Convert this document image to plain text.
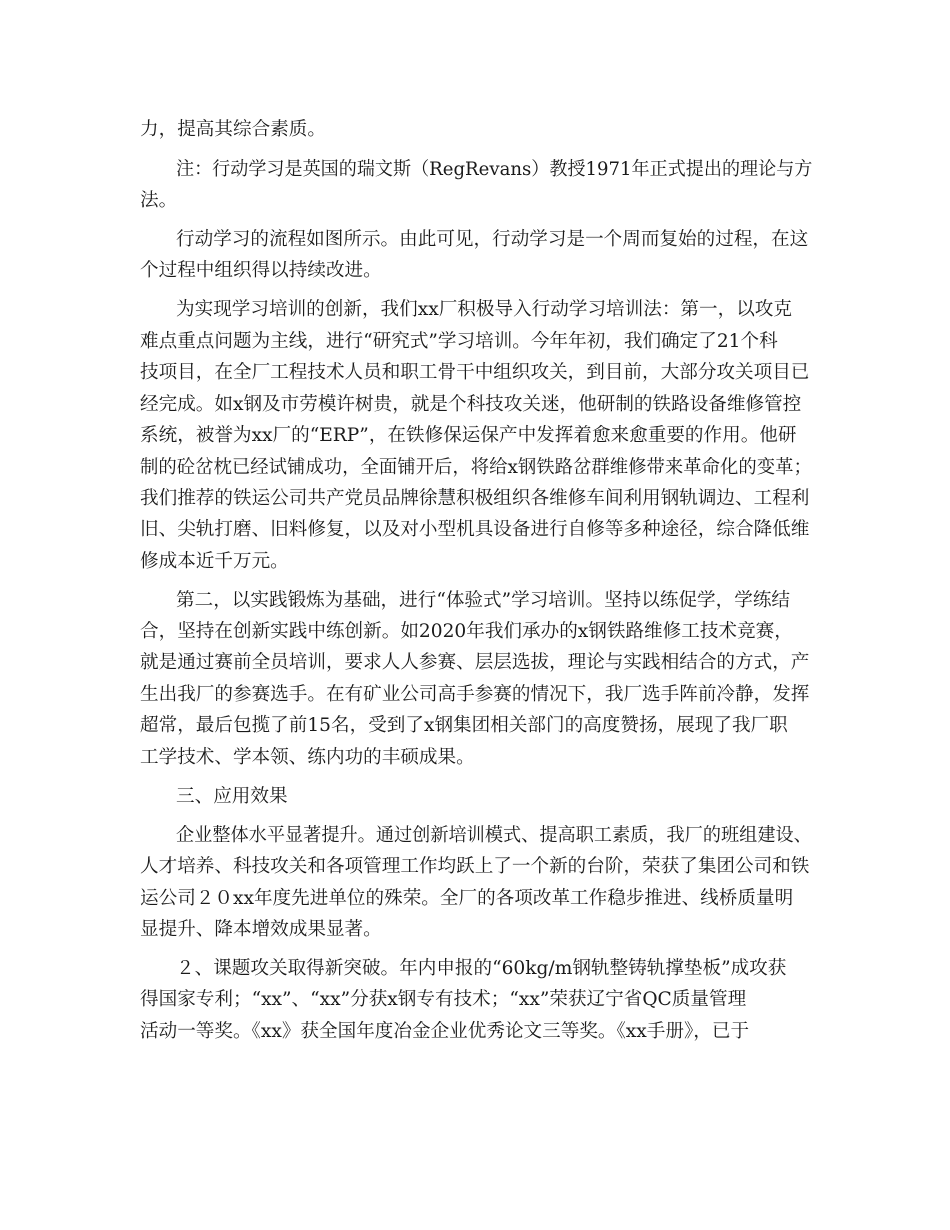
力，提高其综合素质。
注：行动学习是英国的瑞文斯（RegRevans）教授1971年正式提出的理论与方
法。
行动学习的流程如图所示。由此可见，行动学习是一个周而复始的过程，在这
个过程中组织得以持续改进。
为实现学习培训的创新，我们xx厂积极导入行动学习培训法：第一，以攻克
难点重点问题为主线，进行“研究式”学习培训。今年年初，我们确定了21个科
技项目，在全厂工程技术人员和职工骨干中组织攻关，到目前，大部分攻关项目已
经完成。如x钢及市劳模许树贵，就是个科技攻关迷，他研制的铁路设备维修管控
系统，被誉为xx厂的“ERP”，在铁修保运保产中发挥着愈来愈重要的作用。他研
制的砼岔枕已经试铺成功，全面铺开后，将给x钢铁路岔群维修带来革命化的变革；
我们推荐的铁运公司共产党员品牌徐慧积极组织各维修车间利用钢轨调边、工程利
旧、尖轨打磨、旧料修复，以及对小型机具设备进行自修等多种途径，综合降低维
修成本近千万元。
第二，以实践锻炼为基础，进行“体验式”学习培训。坚持以练促学，学练结
合，坚持在创新实践中练创新。如2020年我们承办的x钢铁路维修工技术竞赛，
就是通过赛前全员培训，要求人人参赛、层层选拔，理论与实践相结合的方式，产
生出我厂的参赛选手。在有矿业公司高手参赛的情况下，我厂选手阵前冷静，发挥
超常，最后包揽了前15名，受到了x钢集团相关部门的高度赞扬，展现了我厂职
工学技术、学本领、练内功的丰硕成果。
三、应用效果
企业整体水平显著提升。通过创新培训模式、提高职工素质，我厂的班组建设、
人才培养、科技攻关和各项管理工作均跃上了一个新的台阶，荣获了集团公司和铁
运公司２０xx年度先进单位的殊荣。全厂的各项改革工作稳步推进、线桥质量明
显提升、降本增效成果显著。
２、课题攻关取得新突破。年内申报的“60kg/m钢轨整铸轨撑垫板”成攻获
得国家专利；“xx”、“xx”分获x钢专有技术；“xx”荣获辽宁省QC质量管理
活动一等奖。《xx》获全国年度冶金企业优秀论文三等奖。《xx手册》，已于
